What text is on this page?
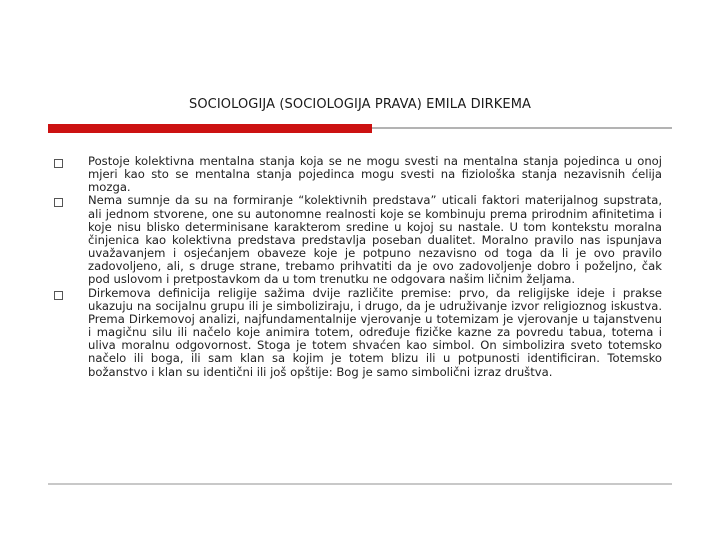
SOCIOLOGIJA (SOCIOLOGIJA PRAVA) EMILA DIRKEMA
Postoje kolektivna mentalna stanja koja se ne mogu svesti na mentalna stanja pojedinca u onoj mjeri kao sto se mentalna stanja pojedinca mogu svesti na fiziološka stanja nezavisnih ćelija mozga.
Nema sumnje da su na formiranje “kolektivnih predstava” uticali faktori materijalnog supstrata, ali jednom stvorene, one su autonomne realnosti koje se kombinuju prema prirodnim afinitetima i koje nisu blisko determinisane karakterom sredine u kojoj su nastale. U tom kontekstu moralna činjenica kao kolektivna predstava predstavlja poseban dualitet. Moralno pravilo nas ispunjava uvažavanjem i osjećanjem obaveze koje je potpuno nezavisno od toga da li je ovo pravilo zadovoljeno, ali, s druge strane, trebamo prihvatiti da je ovo zadovoljenje dobro i poželjno, čak pod uslovom i pretpostavkom da u tom trenutku ne odgovara našim ličnim željama.
Dirkemova definicija religije sažima dvije različite premise: prvo, da religijske ideje i prakse ukazuju na socijalnu grupu ili je simboliziraju, i drugo, da je udruživanje izvor religioznog iskustva. Prema Dirkemovoj analizi, najfundamentalnije vjerovanje u totemizam je vjerovanje u tajanstvenu i magičnu silu ili načelo koje animira totem, određuje fizičke kazne za povredu tabua, totema i uliva moralnu odgovornost. Stoga je totem shvaćen kao simbol. On simbolizira sveto totemsko načelo ili boga, ili sam klan sa kojim je totem blizu ili u potpunosti identificiran. Totemsko božanstvo i klan su identični ili još opštije: Bog je samo simbolični izraz društva.
